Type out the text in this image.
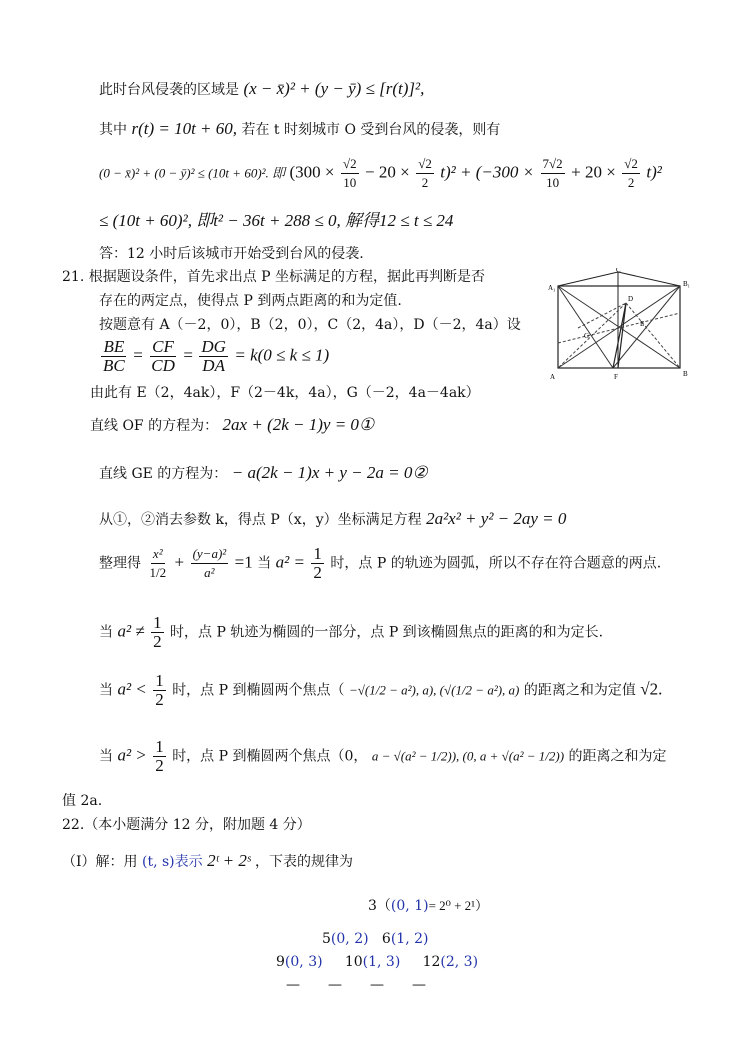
此时台风侵袭的区域是 (x − x̄)² + (y − ȳ) ≤ [r(t)]²,
其中 r(t) = 10t + 60, 若在 t 时刻城市 O 受到台风的侵袭，则有
(0 − x̄)² + (0 − ȳ)² ≤ (10t + 60)². 即 $(300 \times \frac{√2}{10} - 20 \times \frac{√2}{2} t)^2 + (-300 \times \frac{7√2}{10} + 20 \times \frac{√2}{2} t)^2$
≤ (10t + 60)², 即t² − 36t + 288 ≤ 0, 解得12 ≤ t ≤ 24
答：12 小时后该城市开始受到台风的侵袭.
21. 根据题设条件，首先求出点 P 坐标满足的方程，据此再判断是否
存在的两定点，使得点 P 到两点距离的和为定值.
按题意有 A（－2，0），B（2，0），C（2，4a），D（－2，4a）设
$\frac{BE}{BC} = \frac{CF}{CD} = \frac{DG}{DA} = k(0 \le k \le 1)$
由此有 E（2，4ak），F（2－4k，4a），G（－2，4a－4ak）
直线 OF 的方程为： 2ax + (2k − 1)y = 0①
直线 GE 的方程为： − a(2k − 1)x + y − 2a = 0②
从①，②消去参数 k，得点 P（x，y）坐标满足方程 2a²x² + y² − 2ay = 0
整理得 $\frac{\text{x²}}{1/2} + \frac{\text{(y−a)²}}{\text{a²}} =1$ 当 $a^2 = \frac{1}{2}$ 时，点 P 的轨迹为圆弧，所以不存在符合题意的两点.
当 $a^2 \ne \frac{1}{2}$ 时，点 P 轨迹为椭圆的一部分，点 P 到该椭圆焦点的距离的和为定长.
当 $a^2 < \frac{1}{2}$ 时，点 P 到椭圆两个焦点（ −√(1/2 − a²), a), (√(1/2 − a²), a) 的距离之和为定值 √2.
当 $a^2 > \frac{1}{2}$ 时，点 P 到椭圆两个焦点（0， a − √(a² − 1/2)), (0, a + √(a² − 1/2)) 的距离之和为定
值 2a.
22.（本小题满分 12 分，附加题 4 分）
（Ⅰ）解：用 (t, s)表示 2ᵗ + 2ˢ ，下表的规律为
3（(0, 1)= 2⁰ + 2¹）
5(0, 2) 6(1, 2)
9(0, 3) 10(1, 3) 12(2, 3)
—　　—　　—　　—
A₁	B₁
C
D
A	B
F
E
G
